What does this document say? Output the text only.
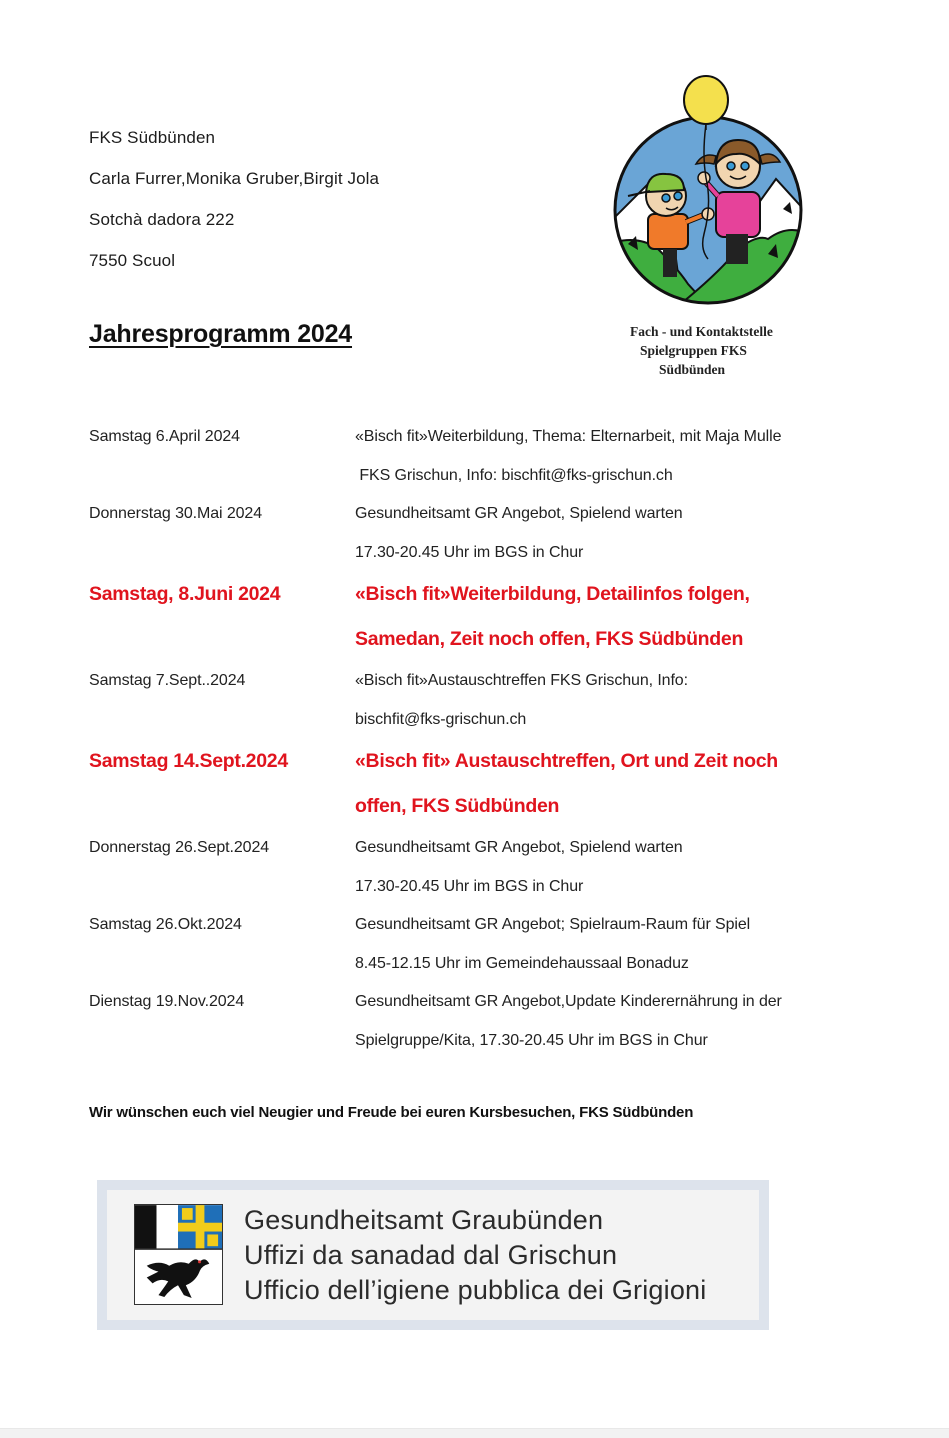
FKS Südbünden
Carla Furrer,Monika Gruber,Birgit Jola
Sotchà dadora 222
7550 Scuol
Fach - und Kontaktstelle
Spielgruppen FKS
Südbünden
Jahresprogramm 2024
Samstag 6.April 2024	«Bisch fit»Weiterbildung, Thema: Elternarbeit, mit Maja Mulle
FKS Grischun, Info: bischfit@fks-grischun.ch
Donnerstag 30.Mai 2024	Gesundheitsamt GR Angebot, Spielend warten
17.30-20.45 Uhr im BGS in Chur
Samstag, 8.Juni 2024	«Bisch fit»Weiterbildung, Detailinfos folgen,
Samedan, Zeit noch offen, FKS Südbünden
Samstag 7.Sept..2024	«Bisch fit»Austauschtreffen FKS Grischun, Info:
bischfit@fks-grischun.ch
Samstag 14.Sept.2024	«Bisch fit» Austauschtreffen, Ort und Zeit noch
offen, FKS Südbünden
Donnerstag 26.Sept.2024	Gesundheitsamt GR Angebot, Spielend warten
17.30-20.45 Uhr im BGS in Chur
Samstag 26.Okt.2024	Gesundheitsamt GR Angebot; Spielraum-Raum für Spiel
8.45-12.15 Uhr im Gemeindehaussaal Bonaduz
Dienstag 19.Nov.2024	Gesundheitsamt GR Angebot,Update Kinderernährung in der
Spielgruppe/Kita, 17.30-20.45 Uhr im BGS in Chur
Wir wünschen euch viel Neugier und Freude bei euren Kursbesuchen, FKS Südbünden
Gesundheitsamt Graubünden
Uffizi da sanadad dal Grischun
Ufficio dell’igiene pubblica dei Grigioni
